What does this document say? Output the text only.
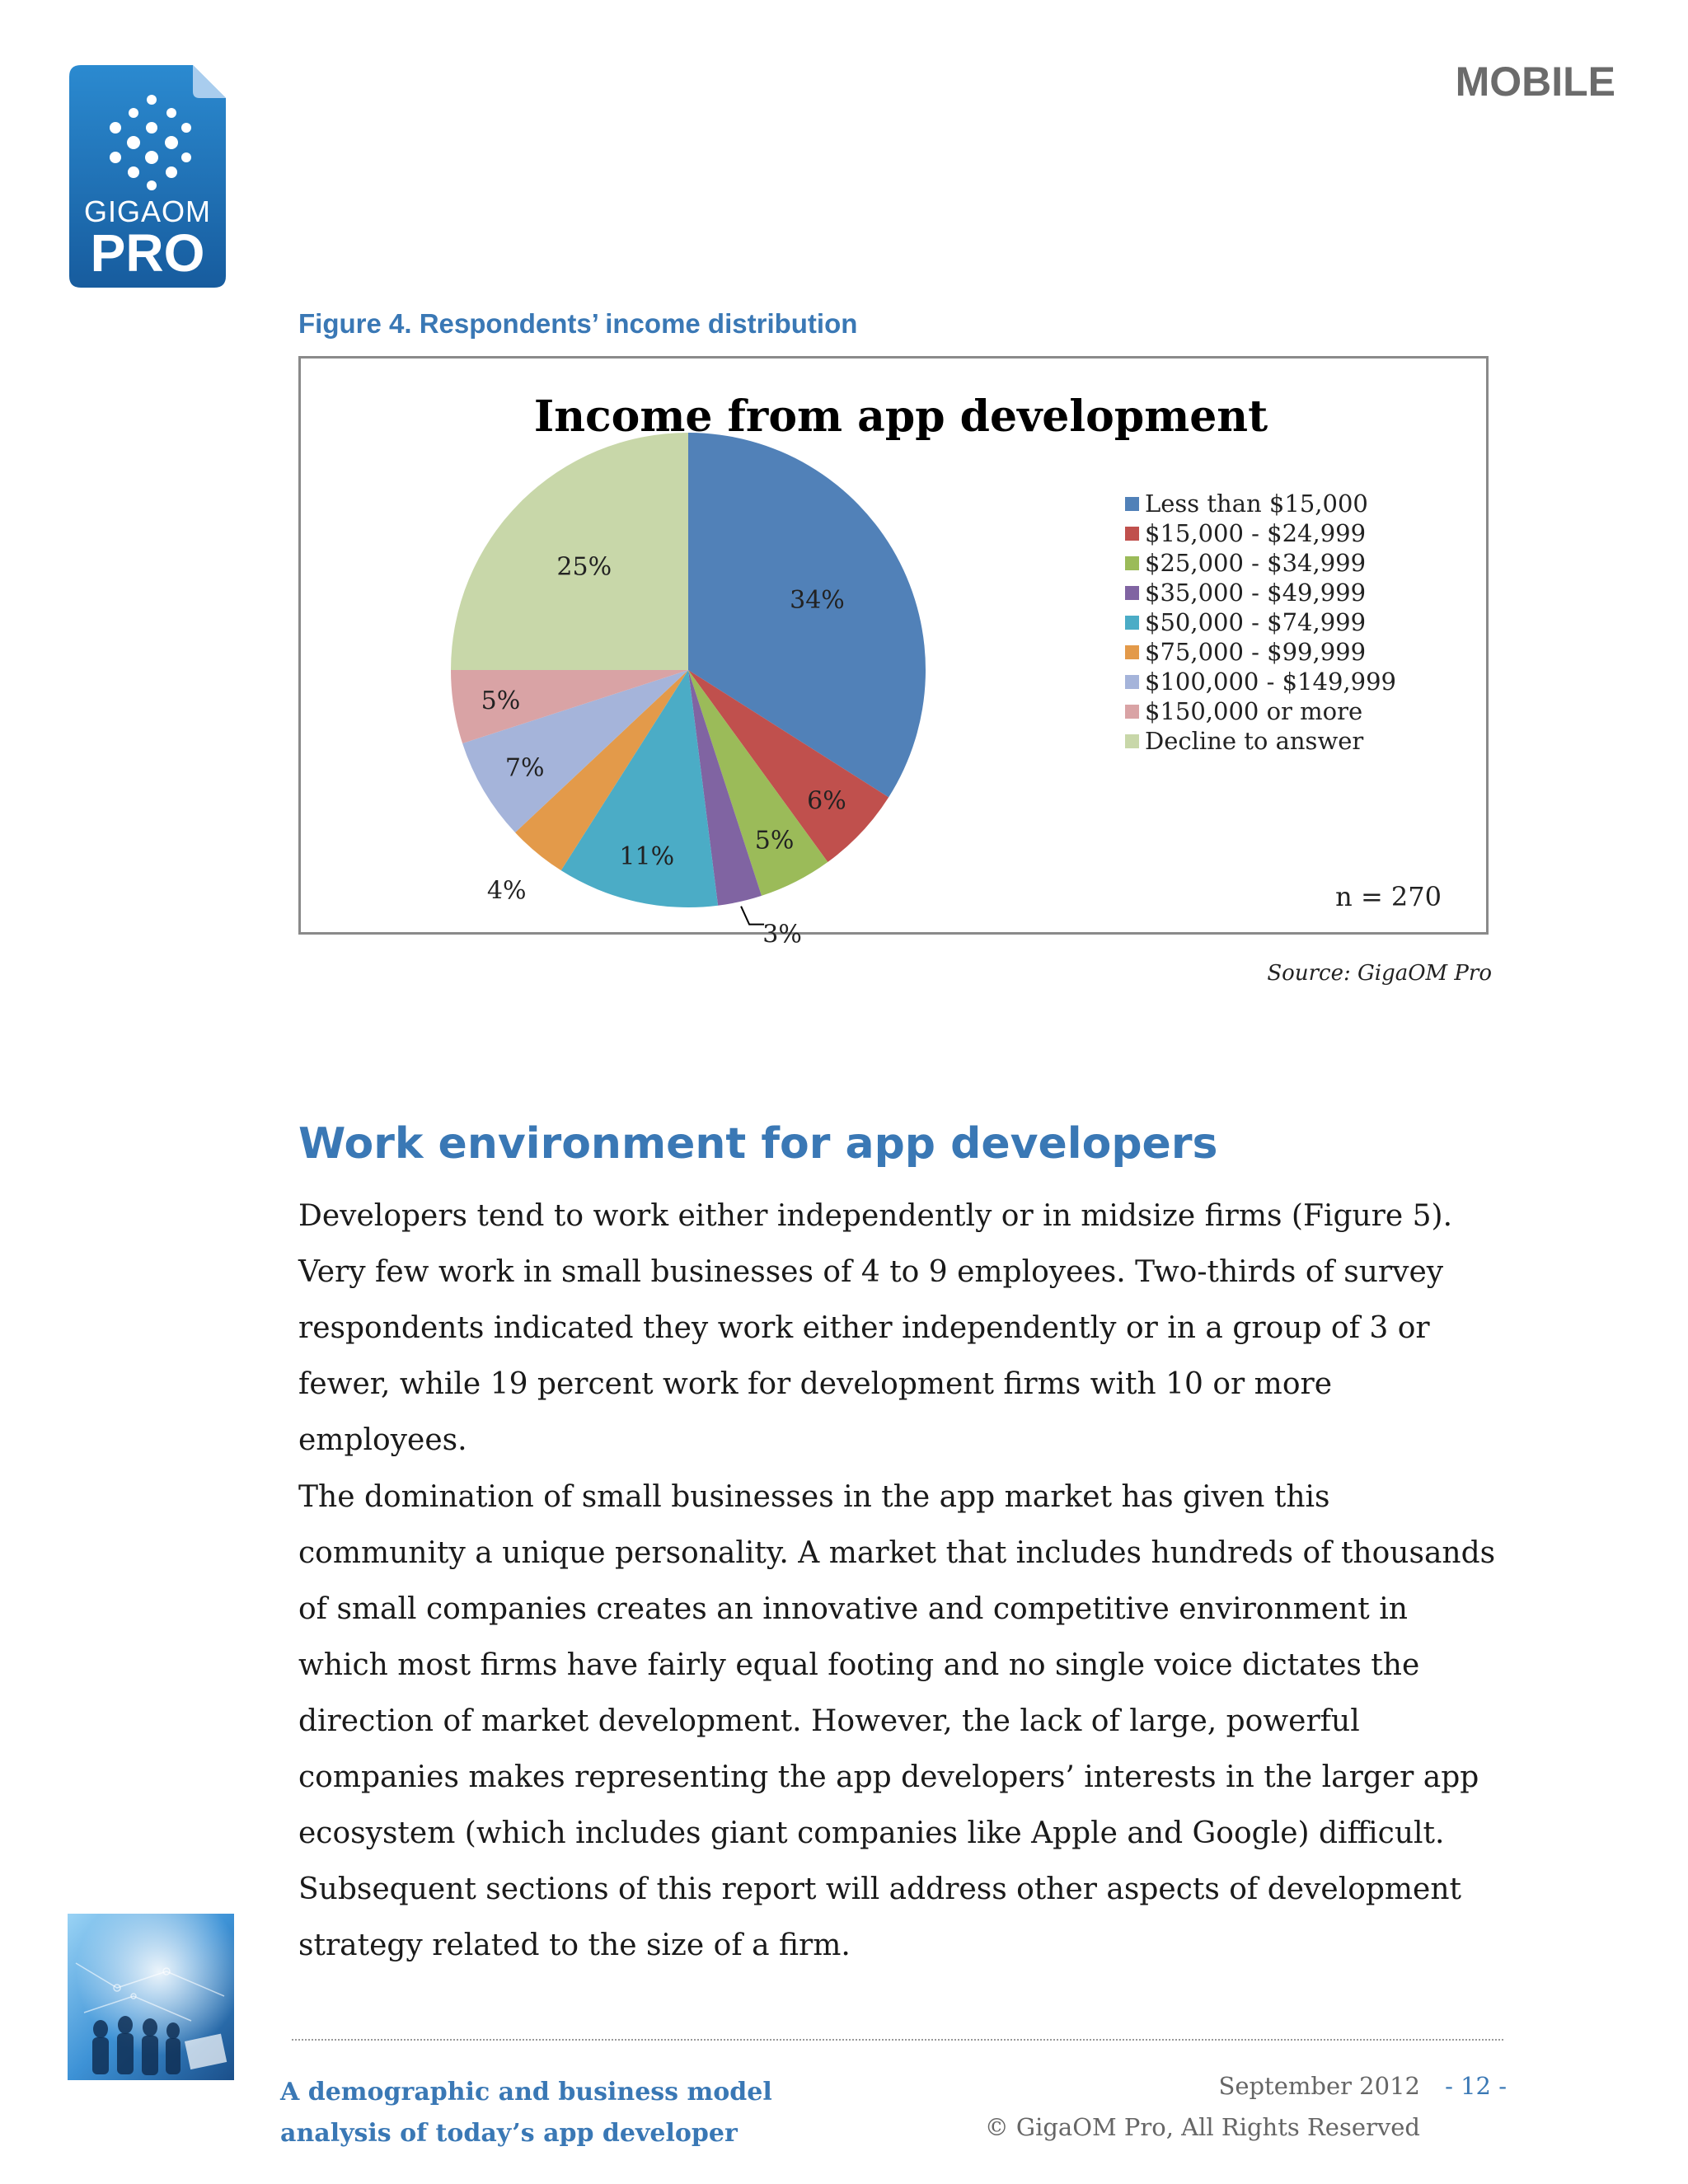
GIGAOM
PRO
MOBILE
Figure 4. Respondents’ income distribution
Income from app development
34%
6%
5%
3%
11%
4%
7%
5%
25%
Less than $15,000
$15,000 - $24,999
$25,000 - $34,999
$35,000 - $49,999
$50,000 - $74,999
$75,000 - $99,999
$100,000 - $149,999
$150,000 or more
Decline to answer
n = 270
Source: GigaOM Pro
Work environment for app developers

Developers tend to work either independently or in midsize firms (Figure 5). Very few work in small businesses of 4 to 9 employees. Two-thirds of survey respondents indicated they work either independently or in a group of 3 or fewer, while 19 percent work for development firms with 10 or more employees.

The domination of small businesses in the app market has given this community a unique personality. A market that includes hundreds of thousands of small companies creates an innovative and competitive environment in which most firms have fairly equal footing and no single voice dictates the direction of market development. However, the lack of large, powerful companies makes representing the app developers’ interests in the larger app ecosystem (which includes giant companies like Apple and Google) difficult. Subsequent sections of this report will address other aspects of development strategy related to the size of a firm.

A demographic and business model
analysis of today’s app developer
September 2012 - 12 -
© GigaOM Pro, All Rights Reserved
